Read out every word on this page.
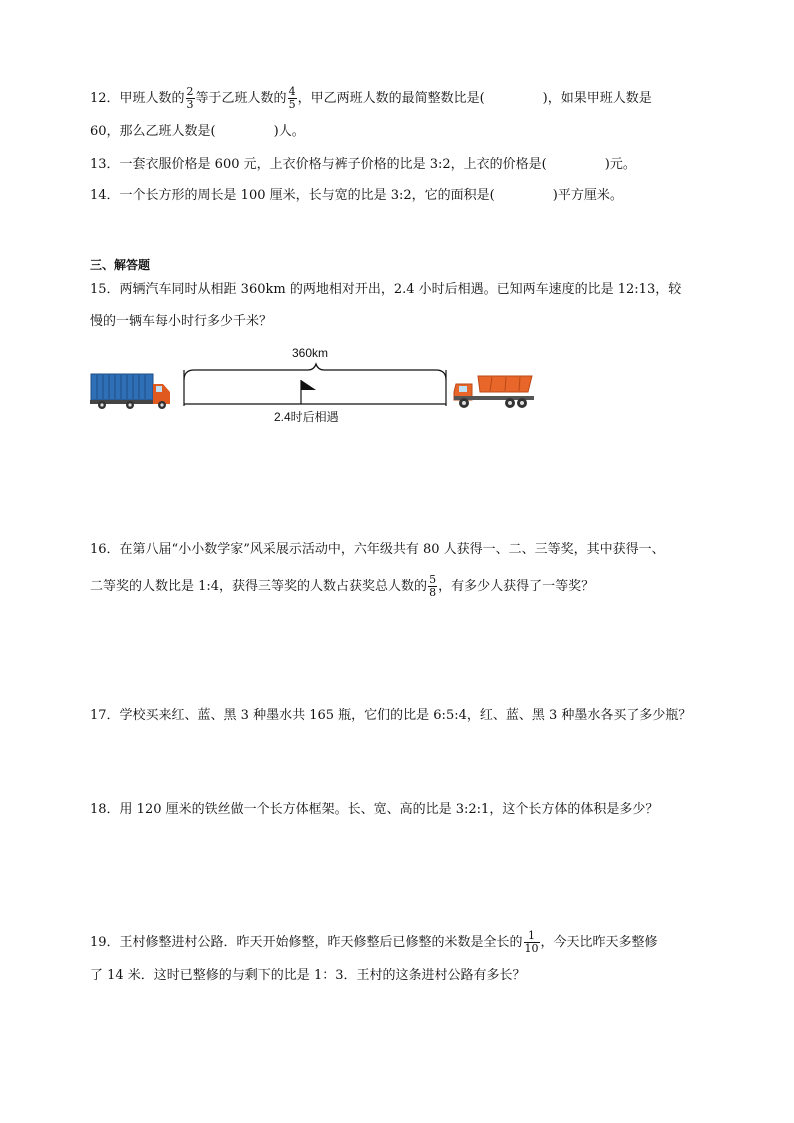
12．甲班人数的 $\frac{2}{3}$ 等于乙班人数的 $\frac{4}{5}$ ，甲乙两班人数的最简整数比是(	)，如果甲班人数是
60，那么乙班人数是(	)人。
13．一套衣服价格是 600 元，上衣价格与裤子价格的比是 3:2，上衣的价格是(	)元。
14．一个长方形的周长是 100 厘米，长与宽的比是 3:2，它的面积是(	)平方厘米。
三、解答题
15．两辆汽车同时从相距 360km 的两地相对开出，2.4 小时后相遇。已知两车速度的比是 12:13，较
慢的一辆车每小时行多少千米？
360km
2.4时后相遇
16．在第八届“小小数学家”风采展示活动中，六年级共有 80 人获得一、二、三等奖，其中获得一、
二等奖的人数比是 1:4，获得三等奖的人数占获奖总人数的 $\frac{5}{8}$ ，有多少人获得了一等奖？
17．学校买来红、蓝、黑 3 种墨水共 165 瓶，它们的比是 6:5:4，红、蓝、黑 3 种墨水各买了多少瓶？
18．用 120 厘米的铁丝做一个长方体框架。长、宽、高的比是 3:2:1，这个长方体的体积是多少？
19．王村修整进村公路．昨天开始修整，昨天修整后已修整的米数是全长的 $\frac{1}{10}$ ，今天比昨天多整修
了 14 米．这时已整修的与剩下的比是 1：3．王村的这条进村公路有多长？
